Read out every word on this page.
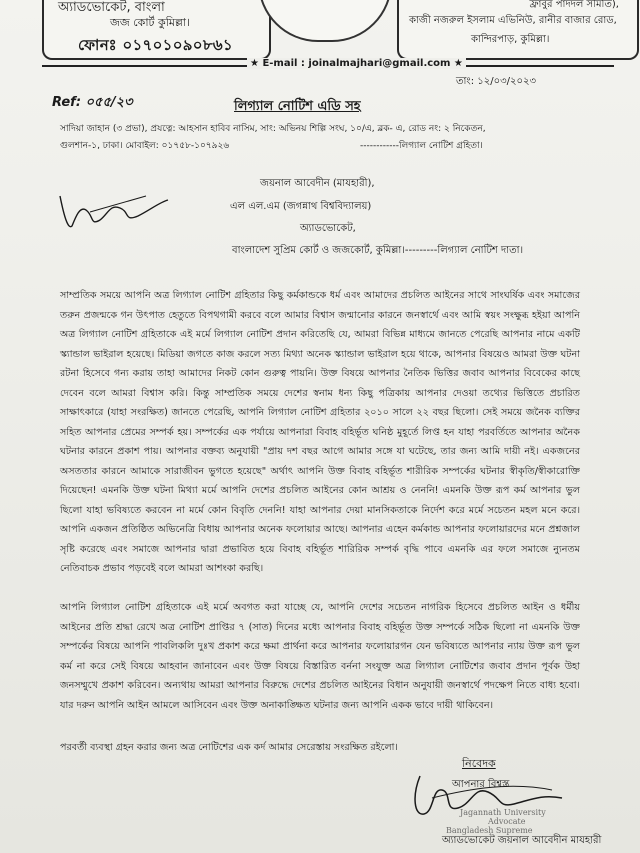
অ্যাডভোকেট, বাংলা
জজ কোর্ট কুমিল্লা।
ফোনঃ ০১৭০১০৯০৮৬১
ফ্রাবুর পাদদল সমিতি),
কাজী নজরুল ইসলাম এভিনিউ, রানীর বাজার রোড,
কান্দিরপাড়, কুমিল্লা।
★ E-mail : joinalmajhari@gmail.com ★
Ref: ০৫৫/২৩
তাং: ১২/০৩/২০২৩
লিগ্যাল নোটিশ এডি সহ
সাদিয়া জাহান (৩ প্রভা), প্রযত্নে: আহসান হাবিব নাসিম, সাং: অভিনয় শিল্পি সংঘ, ১০/এ, ব্লক- এ, রোড নং: ২ নিকেতন,
গুলশান-১, ঢাকা। মোবাইল: ০১৭৫৮-১০৭৯২৬	------------লিগ্যাল নোটিশ গ্রহিতা।
জয়নাল আবেদীন (মাযহারী),
এল এল.এম (জগন্নাথ বিশ্ববিদ্যালয়)
অ্যাডভোকেট,
বাংলাদেশ সুপ্রিম কোর্ট ও জজকোর্ট, কুমিল্লা।---------লিগ্যাল নোটিশ দাতা।
সাম্প্রতিক সময়ে আপনি অত্র লিগ্যাল নোটিশ গ্রহিতার কিছু কর্মকান্ডকে ধর্ম এবং আমাদের প্রচলিত আইনের সাথে সাংঘর্ষিক এবং সমাজের তরুন প্রজন্মকে গন উৎপাত হেতুতে বিপথগামী করবে বলে আমার বিশ্বাস জন্মানোর কারনে জনস্বার্থে এবং আমি স্বয়ং সংক্ষুব্ধ হইয়া আপনি অত্র লিগ্যাল নোটিশ গ্রহিতাকে এই মর্মে লিগ্যাল নোটিশ প্রদান করিতেছি যে, আমরা বিভিন্ন মাধ্যমে জানতে পেরেছি আপনার নামে একটি স্ক্যান্ডাল ভাইরাল হয়েছে। মিডিয়া জগতে কাজ করলে সত্য মিথ্যা অনেক স্ক্যান্ডাল ভাইরাল হয়ে থাকে, আপনার বিষয়েও আমরা উক্ত ঘটনা রটনা হিসেবে গন্য করায় তাহা আমাদের নিকট কোন গুরুত্ব পায়নি। উক্ত বিষয়ে আপনার নৈতিক ভিত্তির জবাব আপনার বিবেকের কাছে দেবেন বলে আমরা বিশ্বাস করি। কিন্তু সাম্প্রতিক সময়ে দেশের স্বনাম ধন্য কিছু পত্রিকায় আপনার দেওয়া তথ্যের ভিত্তিতে প্রচারিত সাক্ষাৎকারে (যাহা সংরক্ষিত) জানতে পেরেছি, আপনি লিগ্যাল নোটিশ গ্রহিতার ২০১০ সালে ২২ বছর ছিলো। সেই সময়ে জনৈক ব্যক্তির সহিত আপনার প্রেমের সম্পর্ক হয়। সম্পর্কের এক পর্যায়ে আপনারা বিবাহ বহির্ভূত ঘনিষ্ঠ মুহূর্তে লিপ্ত হন যাহা পরবর্তিতে আপনার অনৈক ঘটনার কারনে প্রকাশ পায়। আপনার বক্তব্য অনুযায়ী "প্রায় দশ বছর আগে আমার সঙ্গে যা ঘটেছে, তার জন্য আমি দায়ী নই। একজনের অসততার কারনে আমাকে সারাজীবন ভুগতে হয়েছে" অর্থাৎ আপনি উক্ত বিবাহ বহির্ভূত শারীরিক সম্পর্কের ঘটনার স্বীকৃতি/স্বীকারোক্তি দিয়েছেন! এমনকি উক্ত ঘটনা মিথ্যা মর্মে আপনি দেশের প্রচলিত আইনের কোন আশ্রয় ও নেননি! এমনকি উক্ত রূপ কর্ম আপনার ভুল ছিলো যাহা ভবিষ্যতে করবেন না মর্মে কোন বিবৃতি দেননি! যাহা আপনার দেয়া মানসিকতাকে নির্দেশ করে মর্মে সচেতন মহল মনে করে। আপনি একজন প্রতিষ্ঠিত অভিনেত্রি বিধায় আপনার অনেক ফলোয়ার আছে। আপনার এহেন কর্মকান্ড আপনার ফলোয়ারদের মনে প্রশ্নজাল সৃষ্টি করেছে এবং সমাজে আপনার দ্বারা প্রভাবিত হয়ে বিবাহ বহির্ভূত শারিরিক সম্পর্ক বৃদ্ধি পাবে এমনকি এর ফলে সমাজে ন্যুনতম নেতিবাচক প্রভাব পড়বেই বলে আমরা আশংকা করছি।
আপনি লিগ্যাল নোটিশ গ্রহিতাকে এই মর্মে অবগত করা যাচ্ছে যে, আপনি দেশের সচেতন নাগরিক হিসেবে প্রচলিত আইন ও ধর্মীয় আইনের প্রতি শ্রদ্ধা রেখে অত্র নোটিশ প্রাপ্তির ৭ (সাত) দিনের মধ্যে আপনার বিবাহ বহির্ভূত উক্ত সম্পর্কে সঠিক ছিলো না এমনকি উক্ত সম্পর্কের বিষয়ে আপনি পাবলিকলি দুঃখ প্রকাশ করে ক্ষমা প্রার্থনা করে আপনার ফলোয়ারগন যেন ভবিষ্যতে আপনার ন্যায় উক্ত রূপ ভুল কর্ম না করে সেই বিষয়ে আহবান জানাবেন এবং উক্ত বিষয়ে বিস্তারিত বর্ননা সংযুক্ত অত্র লিগ্যাল নোটিশের জবাব প্রদান পূর্বক উহা জনসম্মুখে প্রকাশ করিবেন। অন্যথায় আমরা আপনার বিরুদ্ধে দেশের প্রচলিত আইনের বিধান অনুযায়ী জনস্বার্থে পদক্ষেপ নিতে বাধ্য হবো। যার দরুন আপনি আইন আমলে আসিবেন এবং উক্ত অনাকাঙ্ক্ষিত ঘটনার জন্য আপনি একক ভাবে দায়ী থাকিবেন।
পরবর্তী ব্যবস্থা গ্রহন করার জন্য অত্র নোটিশের এক কর্দ আমার সেরেস্তায় সংরক্ষিত রইলো।
নিবেদক
আপনার বিশ্বস্ত
Jagannath University
Advocate
Bangladesh Supreme
অ্যাডভোকেট জয়নাল আবেদীন মাযহারী
